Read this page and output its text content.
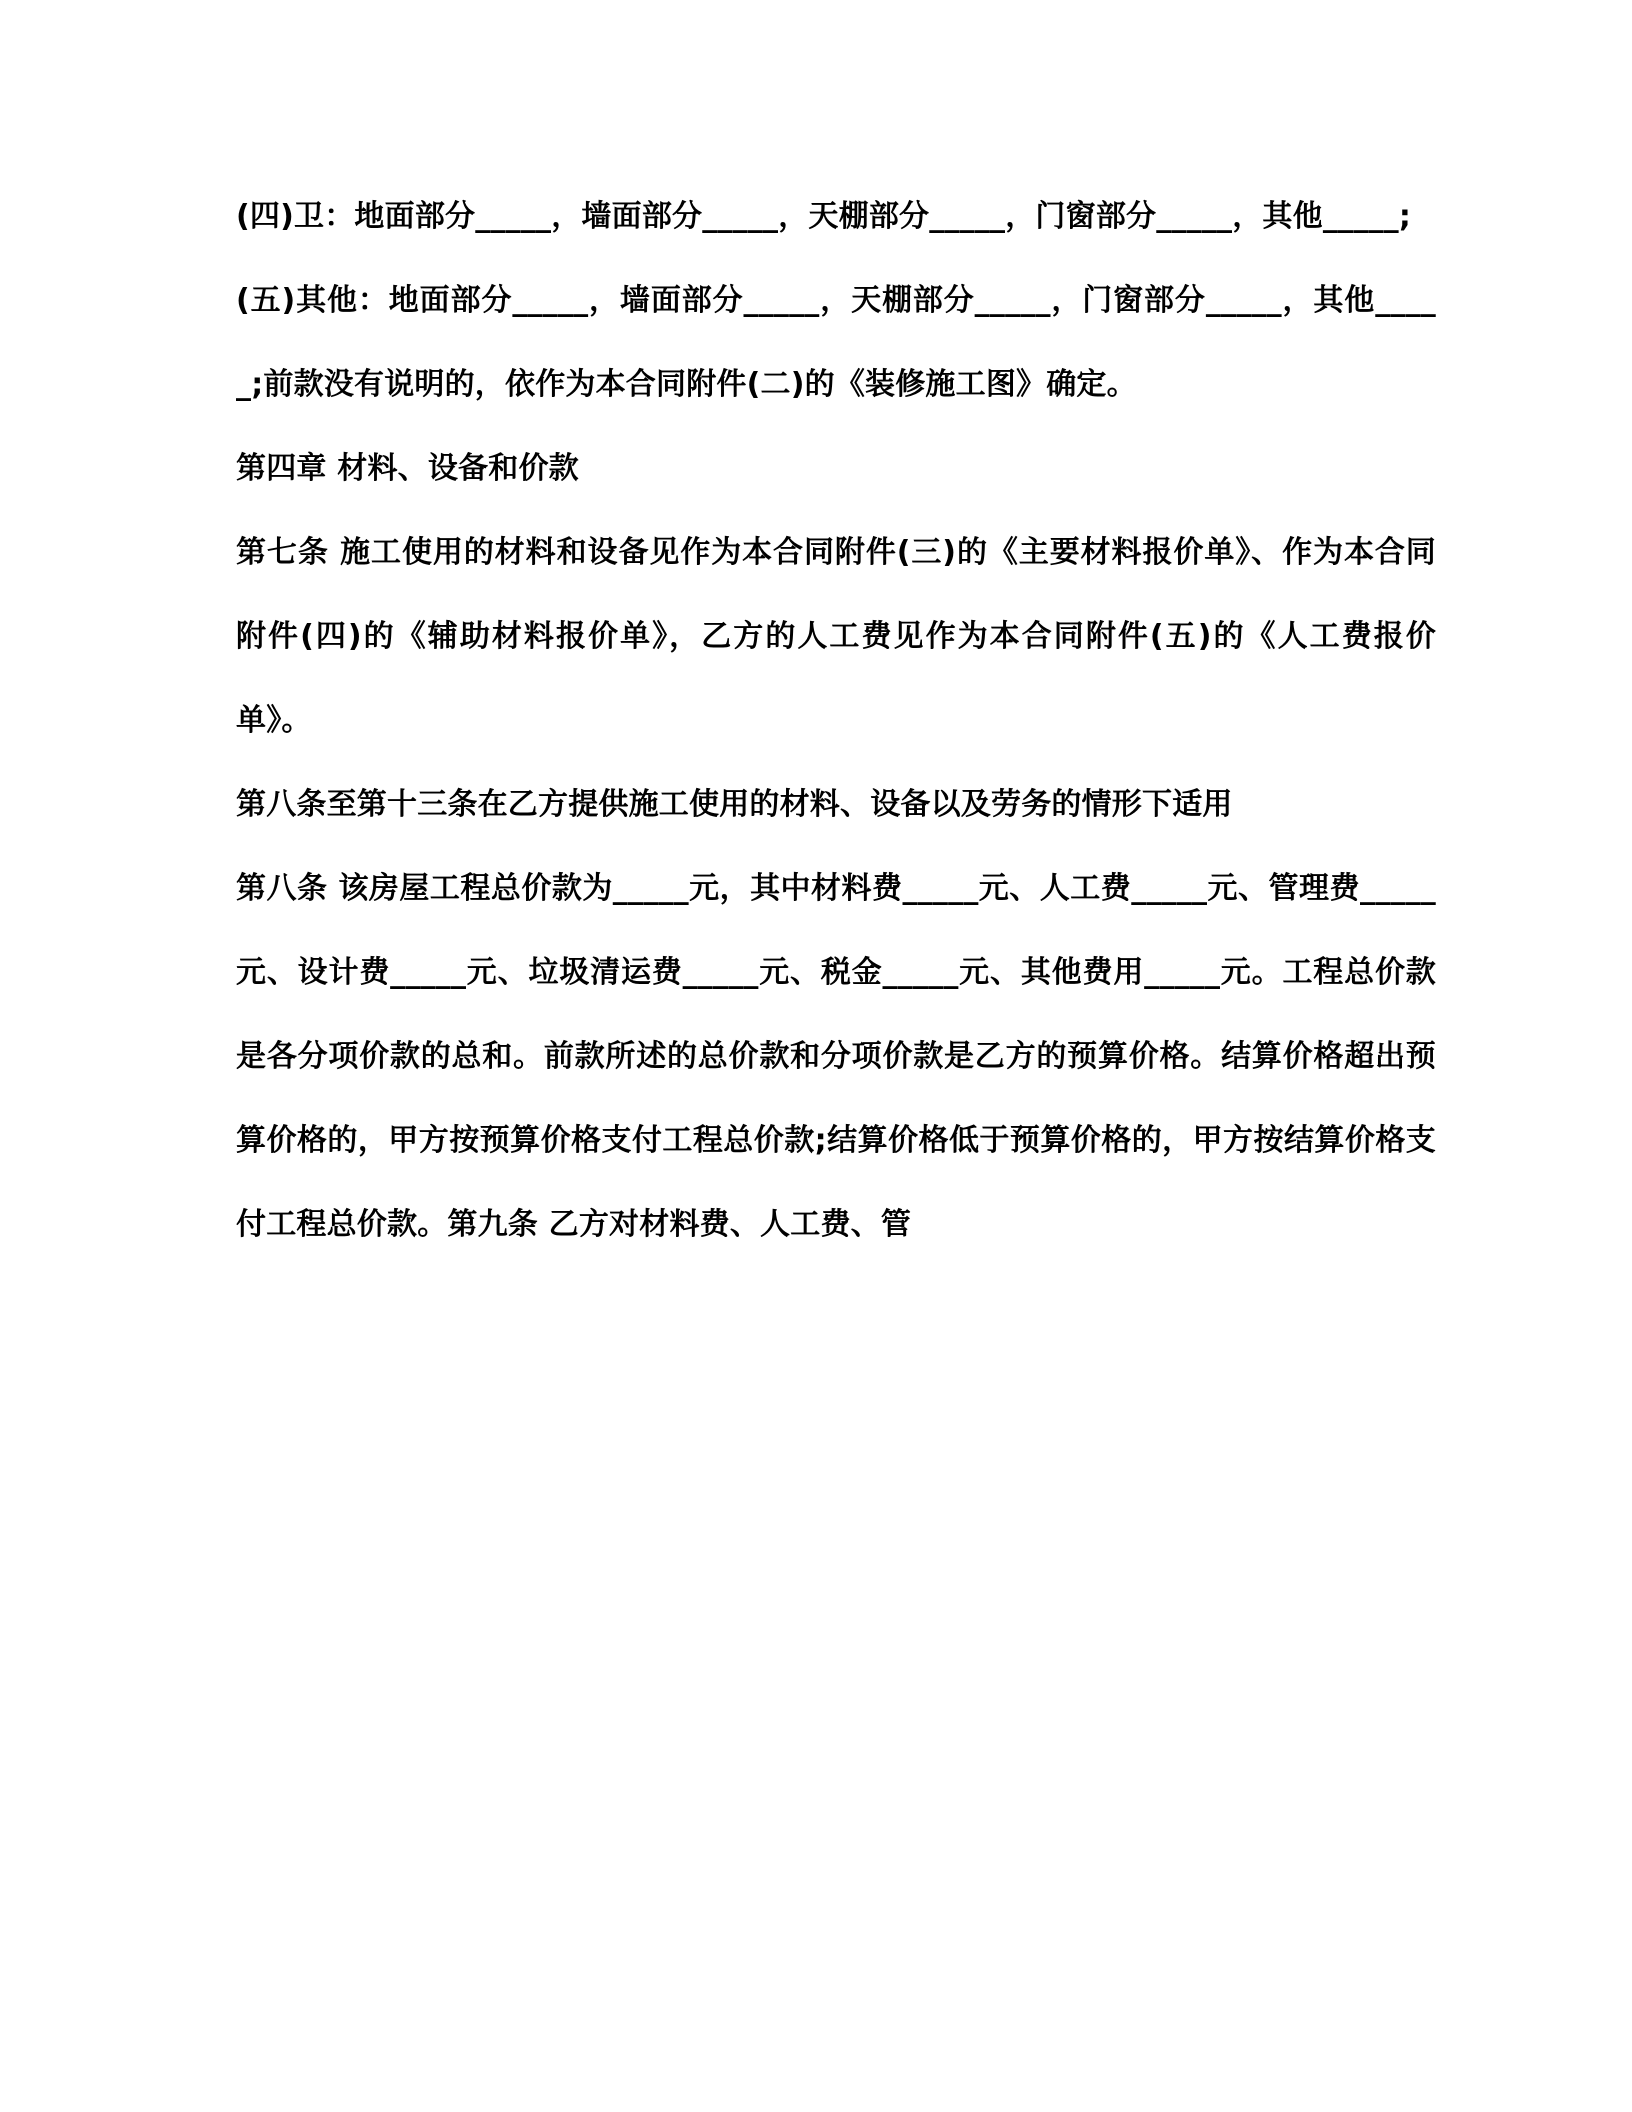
(四)卫：地面部分_____，墙面部分_____，天棚部分_____，门窗部分_____，其他_____;

(五)其他：地面部分_____，墙面部分_____，天棚部分_____，门窗部分_____，其他_____;前款没有说明的，依作为本合同附件(二)的《装修施工图》确定。

第四章 材料、设备和价款

第七条 施工使用的材料和设备见作为本合同附件(三)的《主要材料报价单》、作为本合同附件(四)的《辅助材料报价单》，乙方的人工费见作为本合同附件(五)的《人工费报价单》。

第八条至第十三条在乙方提供施工使用的材料、设备以及劳务的情形下适用

第八条 该房屋工程总价款为_____元，其中材料费_____元、人工费_____元、管理费_____元、设计费_____元、垃圾清运费_____元、税金_____元、其他费用_____元。工程总价款是各分项价款的总和。前款所述的总价款和分项价款是乙方的预算价格。结算价格超出预算价格的，甲方按预算价格支付工程总价款;结算价格低于预算价格的，甲方按结算价格支付工程总价款。第九条 乙方对材料费、人工费、管
